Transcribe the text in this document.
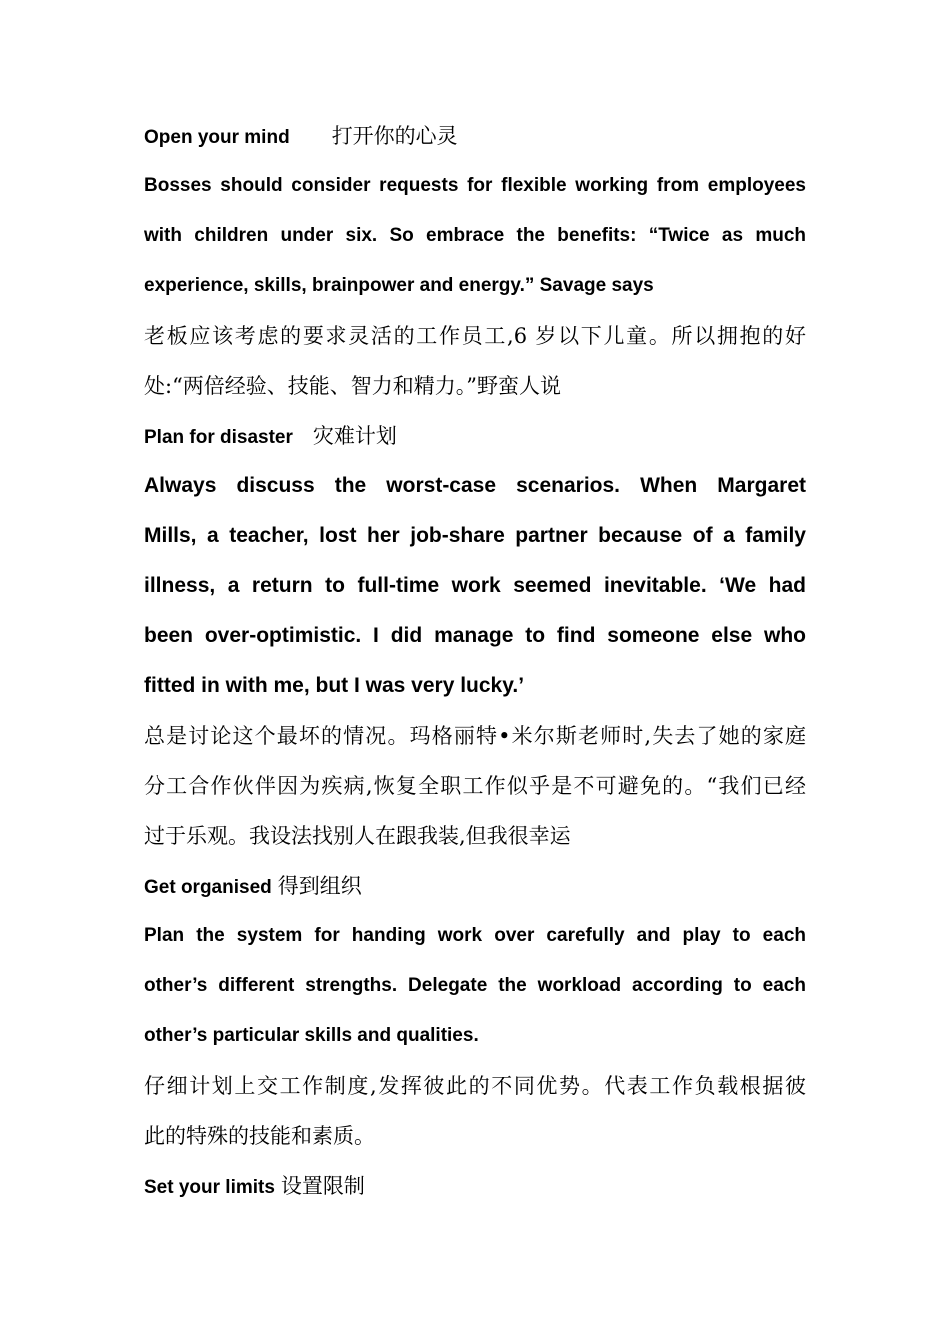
Open your mind 打开你的心灵
Bosses should consider requests for flexible working from employees
with children under six. So embrace the benefits: “Twice as much
experience, skills, brainpower and energy.” Savage says
老板应该考虑的要求灵活的工作员工,6 岁以下儿童。所以拥抱的好
处:“两倍经验、技能、智力和精力。”野蛮人说
Plan for disaster 灾难计划
Always discuss the worst-case scenarios. When Margaret
Mills, a teacher, lost her job-share partner because of a family
illness, a return to full-time work seemed inevitable. ‘We had
been over-optimistic. I did manage to find someone else who
fitted in with me, but I was very lucky.’
总是讨论这个最坏的情况。玛格丽特•米尔斯老师时,失去了她的家庭
分工合作伙伴因为疾病,恢复全职工作似乎是不可避免的。“我们已经
过于乐观。我设法找别人在跟我装,但我很幸运
Get organised 得到组织
Plan the system for handing work over carefully and play to each
other’s different strengths. Delegate the workload according to each
other’s particular skills and qualities.
仔细计划上交工作制度,发挥彼此的不同优势。代表工作负载根据彼
此的特殊的技能和素质。
Set your limits 设置限制
